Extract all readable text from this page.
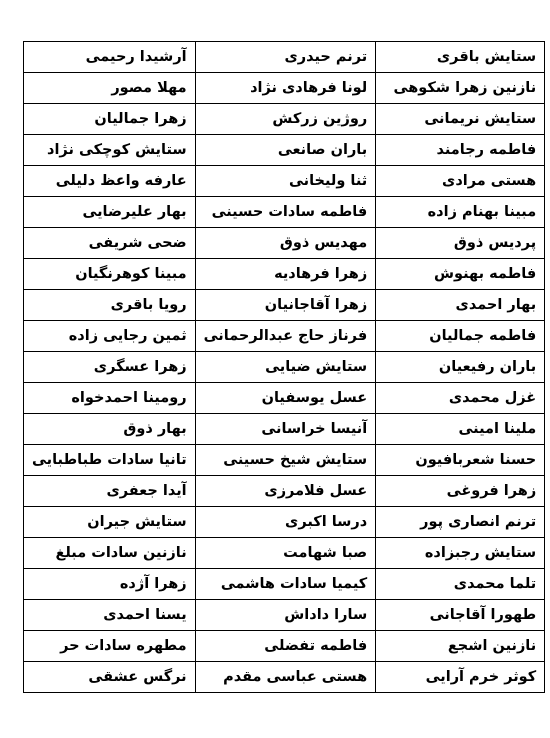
ستایش باقری	ترنم حیدری	آرشیدا رحیمی
نازنین زهرا شکوهی	لونا فرهادی نژاد	مهلا مصور
ستایش نریمانی	روژین زرکش	زهرا جمالیان
فاطمه رجامند	باران صانعی	ستایش کوچکی نژاد
هستی مرادی	ثنا ولیخانی	عارفه واعظ دلیلی
مبینا بهنام زاده	فاطمه سادات حسینی	بهار علیرضایی
پردیس ذوق	مهدیس ذوق	ضحی شریفی
فاطمه بهنوش	زهرا فرهادیه	مبینا کوهرنگیان
بهار احمدی	زهرا آقاجانیان	رویا باقری
فاطمه جمالیان	فرناز حاج عبدالرحمانی	ثمین رجایی زاده
باران رفیعیان	ستایش ضیایی	زهرا عسگری
غزل محمدی	عسل یوسفیان	رومینا احمدخواه
ملینا امینی	آنیسا خراسانی	بهار ذوق
حسنا شعربافیون	ستایش شیخ حسینی	تانیا سادات طباطبایی
زهرا فروغی	عسل فلامرزی	آیدا جعفری
ترنم انصاری پور	درسا اکبری	ستایش جیران
ستایش رجبزاده	صبا شهامت	نازنین سادات مبلغ
تلما محمدی	کیمیا سادات هاشمی	زهرا آژده
طهورا آقاجانی	سارا داداش	یسنا احمدی
نازنین اشجع	فاطمه تفضلی	مطهره سادات حر
کوثر خرم آرایی	هستی عباسی مقدم	نرگس عشقی
